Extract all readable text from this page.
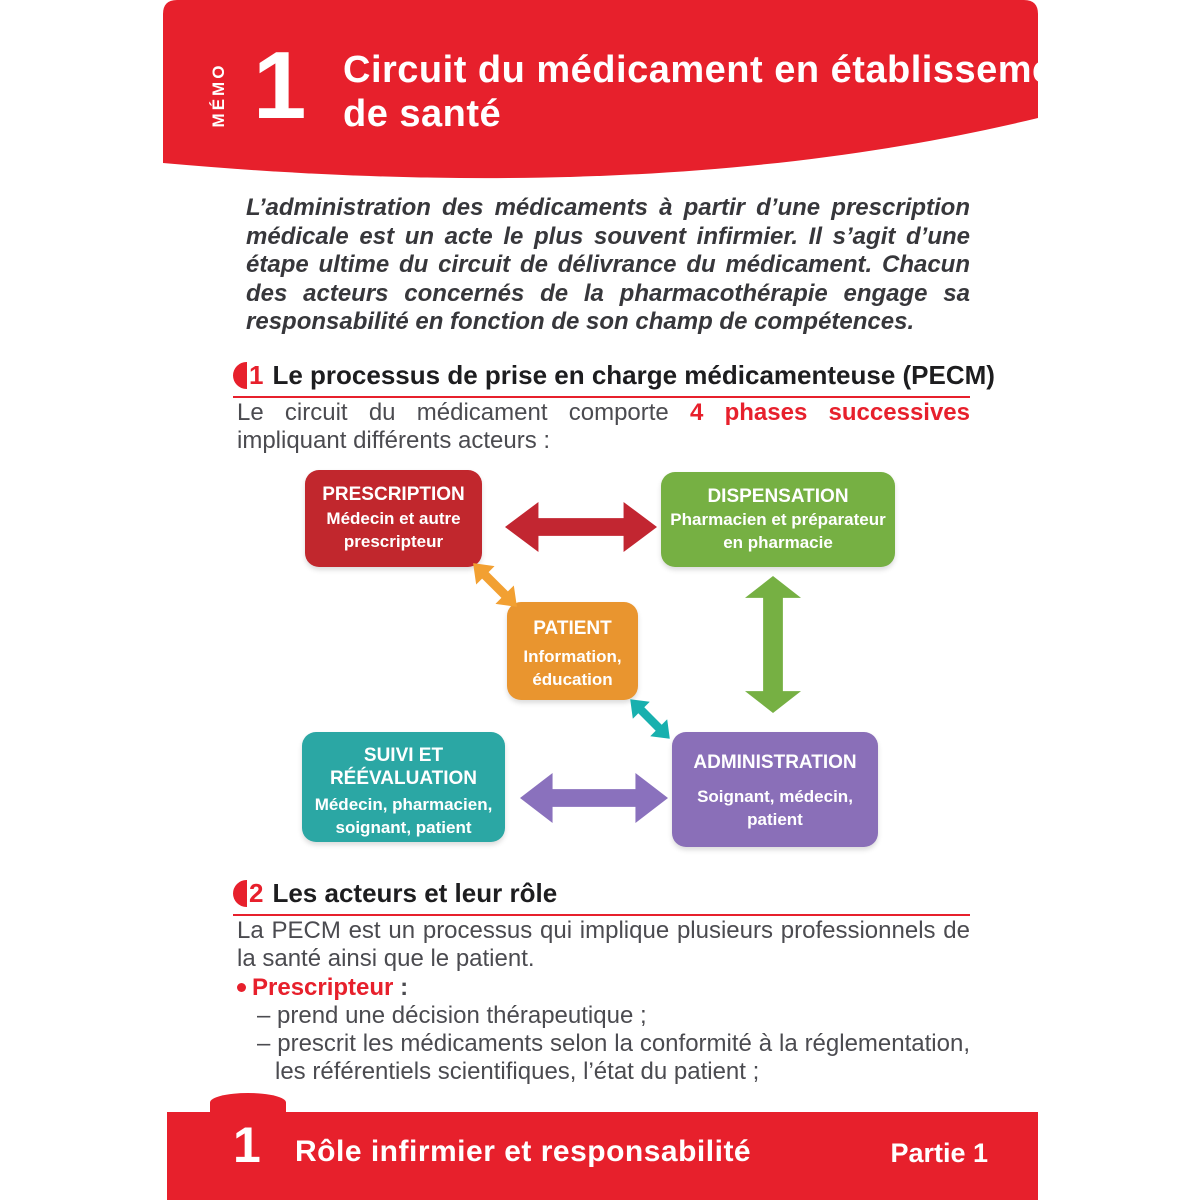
MÉMO 1 Circuit du médicament en établissement
de santé

L’administration des médicaments à partir d’une prescription médicale est un acte le plus souvent infirmier. Il s’agit d’une étape ultime du circuit de délivrance du médicament. Chacun des acteurs concernés de la pharmacothérapie engage sa responsabilité en fonction de son champ de compétences.

1 Le processus de prise en charge médicamenteuse (PECM)

Le circuit du médicament comporte 4 phases successives impliquant différents acteurs :

PRESCRIPTION
Médecin et autre prescripteur
DISPENSATION
Pharmacien et préparateur en pharmacie
PATIENT
Information, éducation
SUIVI ET RÉÉVALUATION
Médecin, pharmacien, soignant, patient
ADMINISTRATION
Soignant, médecin, patient
2 Les acteurs et leur rôle

La PECM est un processus qui implique plusieurs professionnels de la santé ainsi que le patient.

Prescripteur :
– prend une décision thérapeutique ;
– prescrit les médicaments selon la conformité à la réglementation, les référentiels scientifiques, l’état du patient ;
1 Rôle infirmier et responsabilité	Partie 1
